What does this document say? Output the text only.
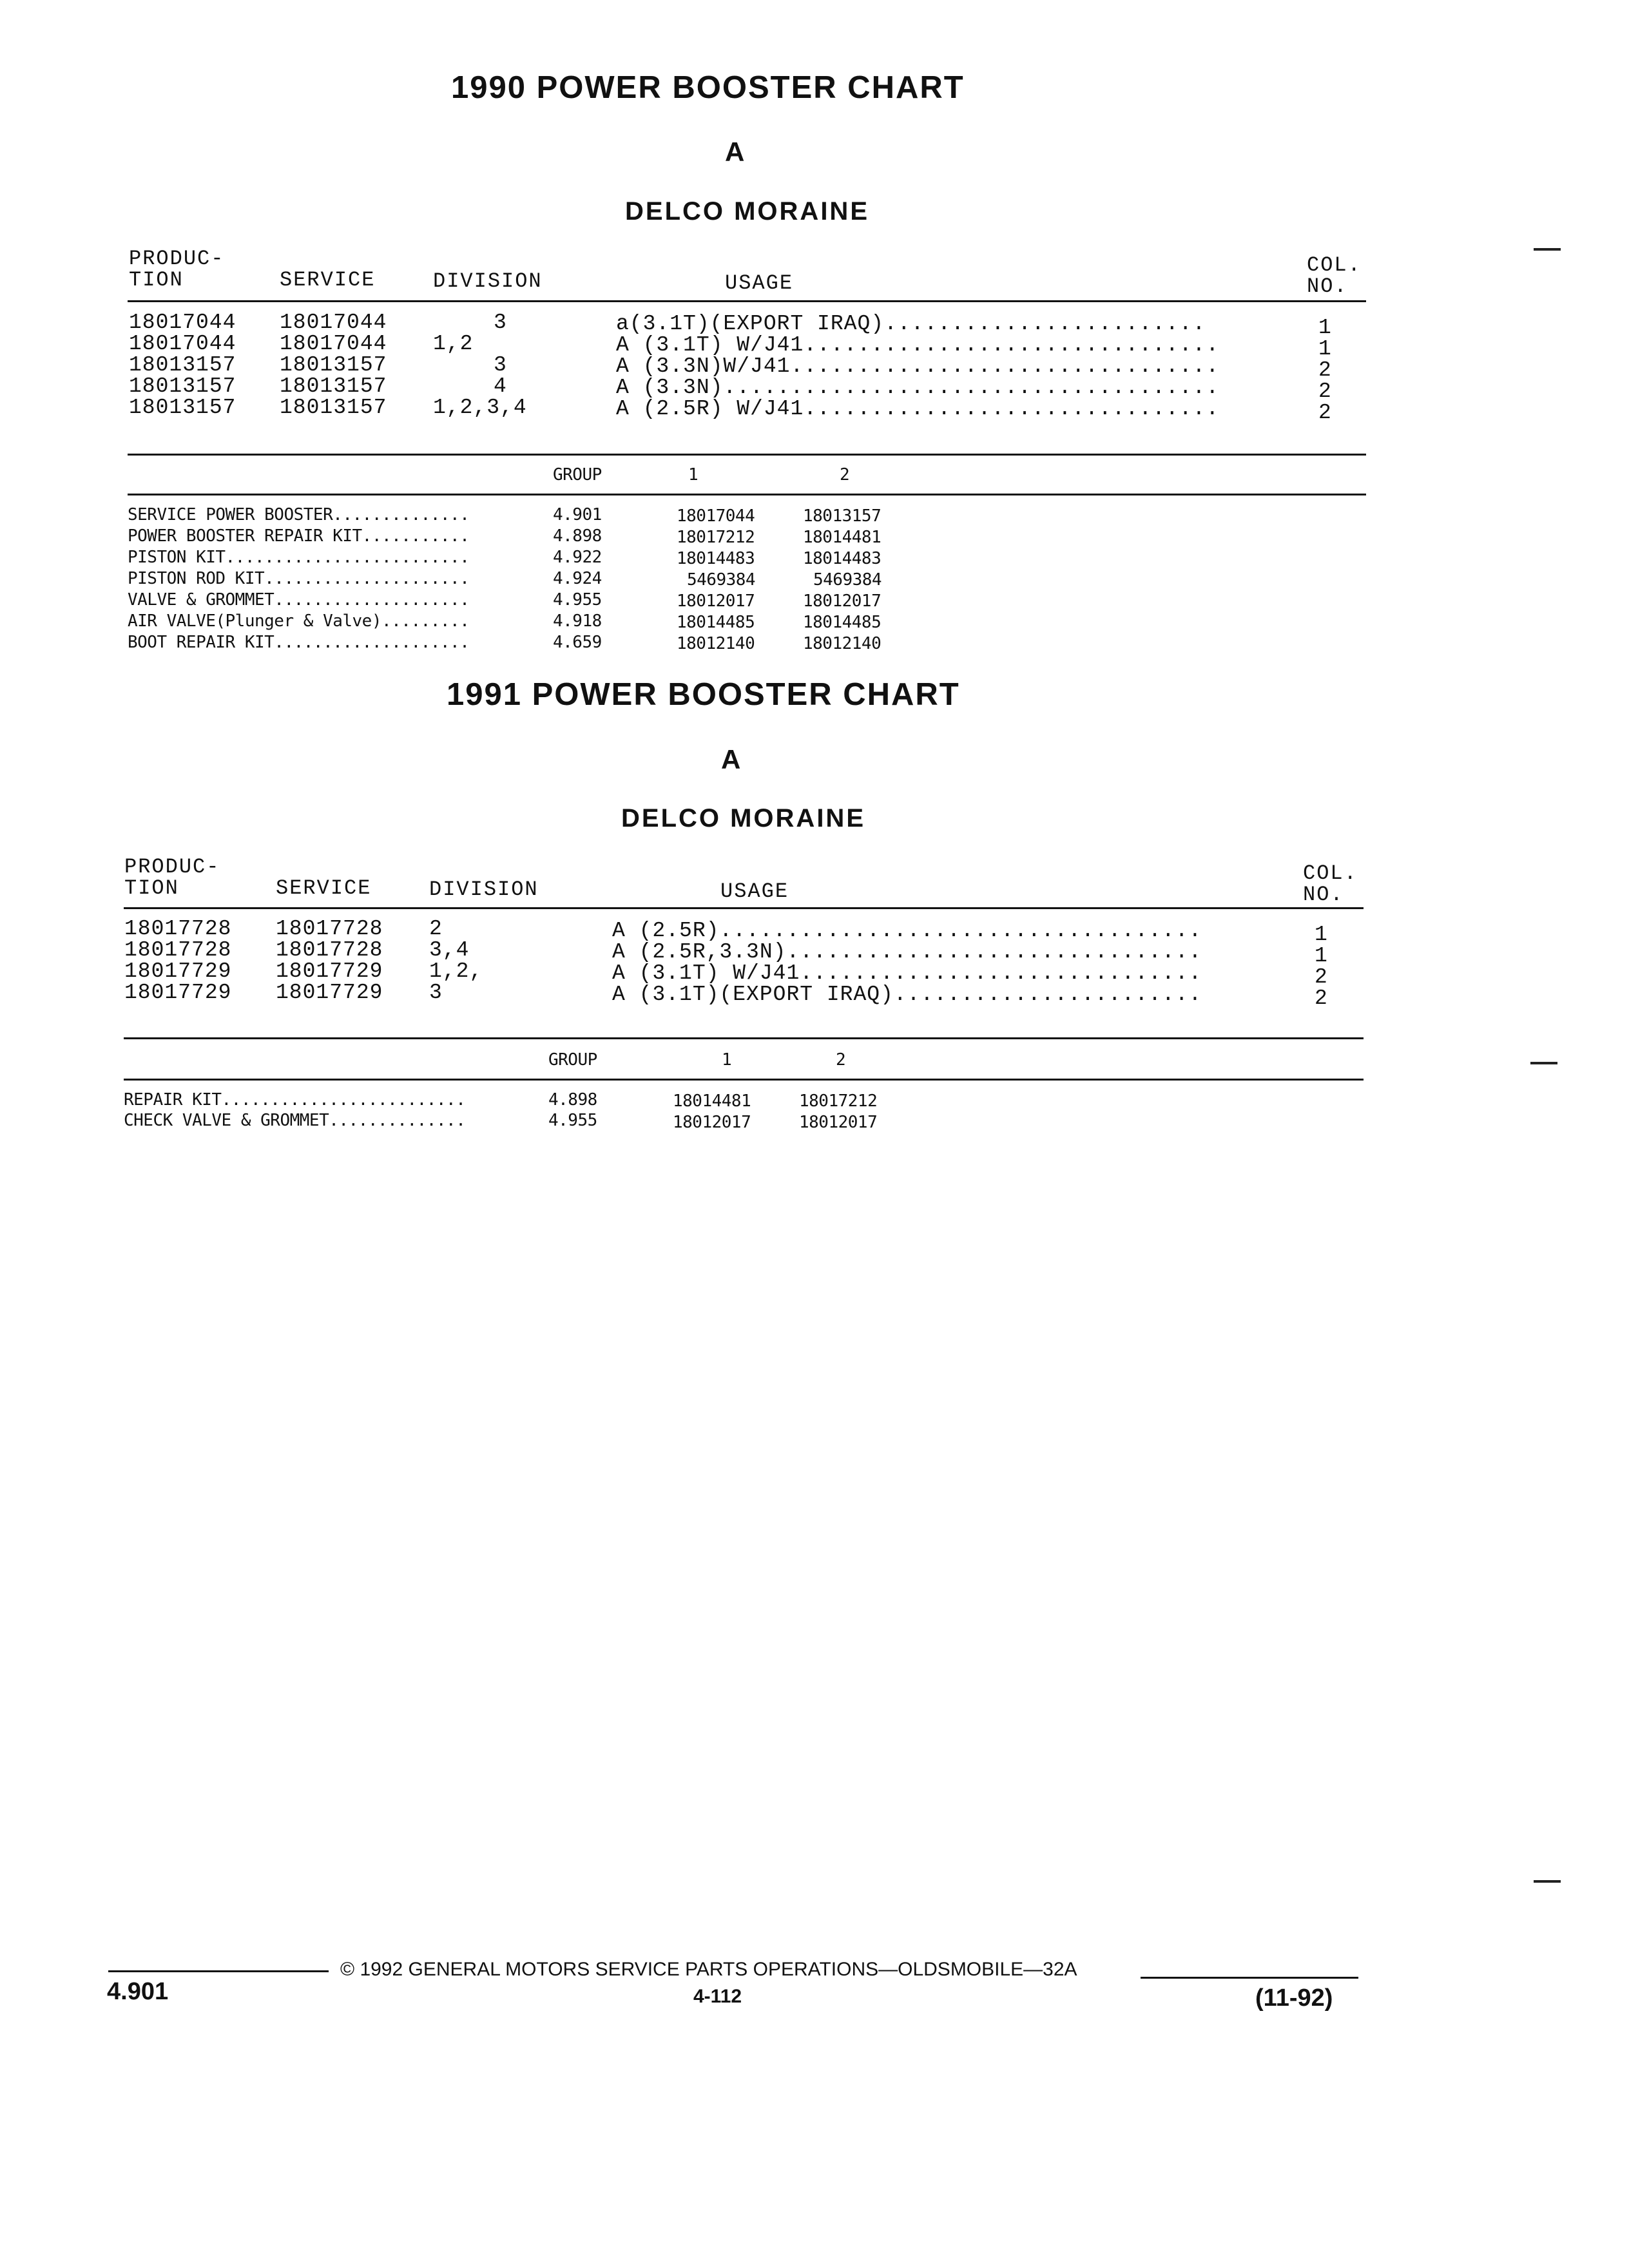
1990 POWER BOOSTER CHART
A
DELCO MORAINE
PRODUC-
TION	SERVICE	DIVISION	USAGE
COL.
NO.
18017044 18017044	3	a(3.1T)(EXPORT IRAQ)........................	1
18017044 18017044 1,2	A (3.1T) W/J41...............................	1
18013157 18013157	3	A (3.3N)W/J41................................	2
18013157 18013157	4	A (3.3N).....................................	2
18013157 18013157 1,2,3,4	A (2.5R) W/J41...............................	2
GROUP	1	2
SERVICE POWER BOOSTER..............	4.901	18017044	18013157
POWER BOOSTER REPAIR KIT...........	4.898	18017212	18014481
PISTON KIT.........................	4.922	18014483	18014483
PISTON ROD KIT.....................	4.924	5469384	5469384
VALVE & GROMMET....................	4.955	18012017	18012017
AIR VALVE(Plunger & Valve).........	4.918	18014485	18014485
BOOT REPAIR KIT....................	4.659	18012140	18012140
1991 POWER BOOSTER CHART
A
DELCO MORAINE
PRODUC-
TION	SERVICE	DIVISION	USAGE
COL.
NO.
18017728 18017728 2	A (2.5R)....................................	1
18017728 18017728 3,4	A (2.5R,3.3N)...............................	1
18017729 18017729 1,2,	A (3.1T) W/J41..............................	2
18017729 18017729 3	A (3.1T)(EXPORT IRAQ).......................	2
GROUP	1	2
REPAIR KIT.........................	4.898	18014481	18017212
CHECK VALVE & GROMMET..............	4.955	18012017	18012017
© 1992 GENERAL MOTORS SERVICE PARTS OPERATIONS—OLDSMOBILE—32A
4.901	4-112	(11-92)
